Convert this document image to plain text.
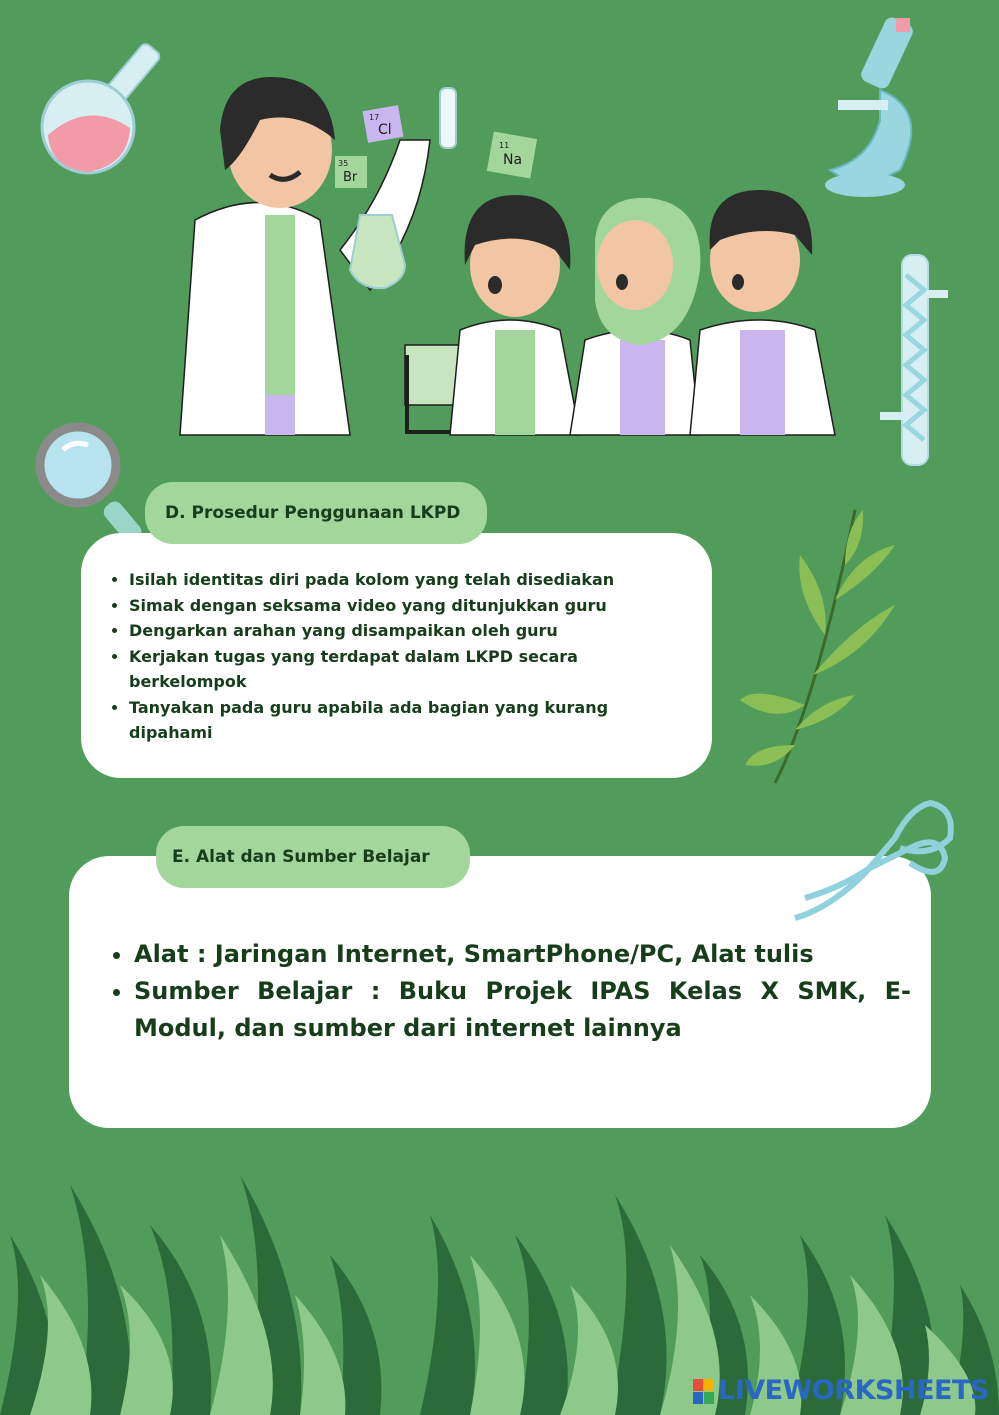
17
Cl
11
Na
35
Br
• Isilah identitas diri pada kolom yang telah disediakan
• Simak dengan seksama video yang ditunjukkan guru
• Dengarkan arahan yang disampaikan oleh guru
• Kerjakan tugas yang terdapat dalam LKPD secara berkelompok
• Tanyakan pada guru apabila ada bagian yang kurang dipahami
D. Prosedur Penggunaan LKPD
• Alat : Jaringan Internet, SmartPhone/PC, Alat tulis
• Sumber Belajar : Buku Projek IPAS Kelas X SMK, E-Modul, dan sumber dari internet lainnya
E. Alat dan Sumber Belajar
LIVEWORKSHEETS
